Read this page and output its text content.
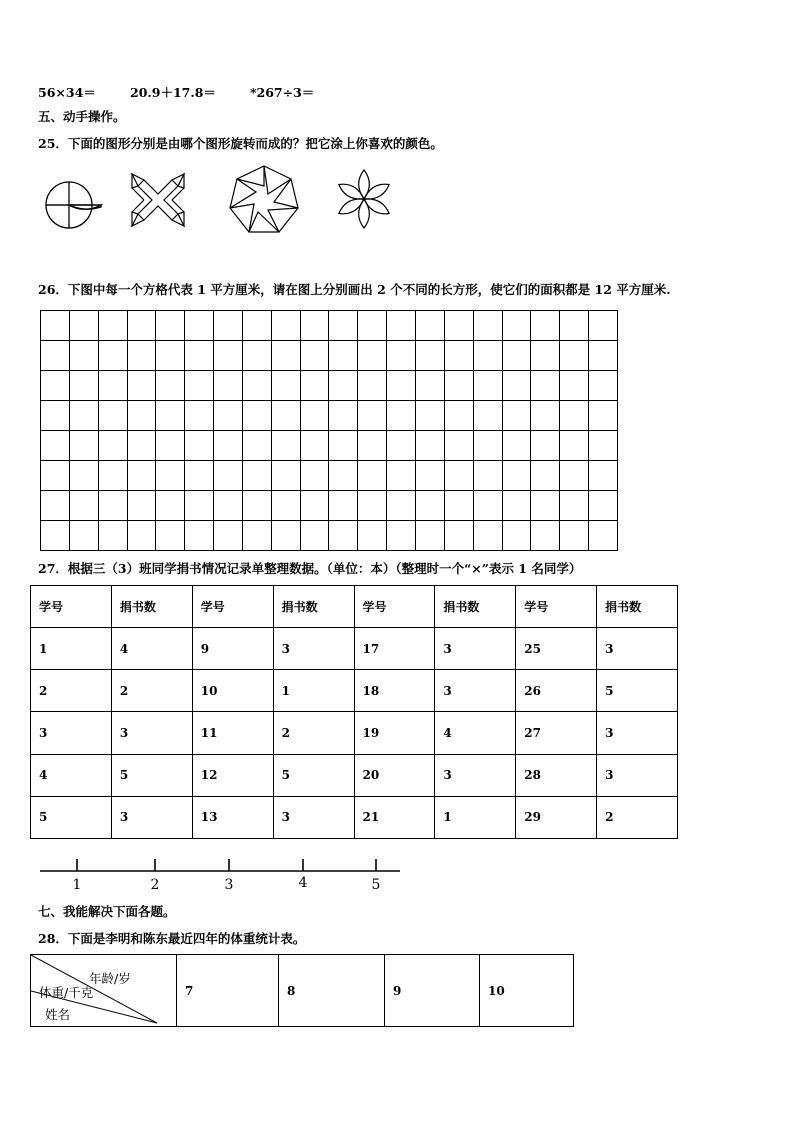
56×34＝	20.9＋17.8＝	*267÷3＝
五、动手操作。
25．下面的图形分别是由哪个图形旋转而成的？把它涂上你喜欢的颜色。
26．下图中每一个方格代表 1 平方厘米，请在图上分别画出 2 个不同的长方形，使它们的面积都是 12 平方厘米.

27．根据三（3）班同学捐书情况记录单整理数据。（单位：本）（整理时一个“×”表示 1 名同学）
学号	捐书数	学号	捐书数	学号	捐书数	学号	捐书数
1	4	9	3	17	3	25	3
2	2	10	1	18	3	26	5
3	3	11	2	19	4	27	3
4	5	12	5	20	3	28	3
5	3	13	3	21	1	29	2
1	2	3	4	5
七、我能解决下面各题。
28．下面是李明和陈东最近四年的体重统计表。
年龄/岁
体重/千克
姓名
	7	8	9	10
